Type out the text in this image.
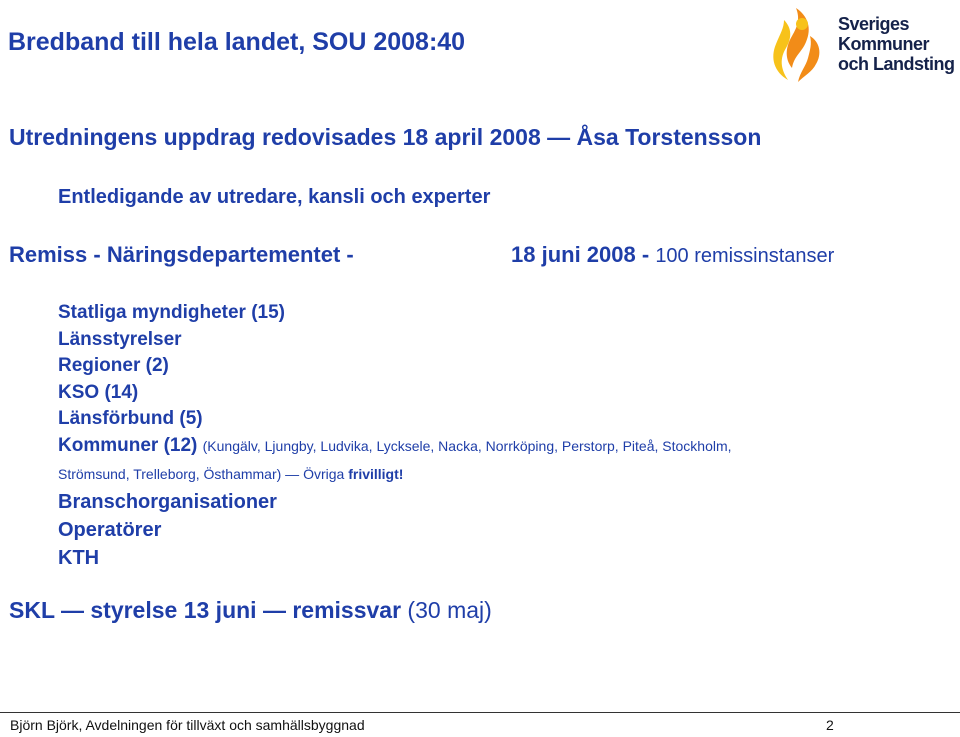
Bredband till hela landet, SOU 2008:40
Sveriges
Kommuner
och Landsting
Utredningens uppdrag redovisades 18 april 2008 — Åsa Torstensson
Entledigande av utredare, kansli och experter
Remiss - Näringsdepartementet -	18 juni 2008 - 100 remissinstanser
Statliga myndigheter (15)
Länsstyrelser
Regioner (2)
KSO (14)
Länsförbund (5)
Kommuner (12) (Kungälv, Ljungby, Ludvika, Lycksele, Nacka, Norrköping, Perstorp, Piteå, Stockholm,
Strömsund, Trelleborg, Östhammar) — Övriga frivilligt!
Branschorganisationer
Operatörer
KTH
SKL — styrelse 13 juni — remissvar (30 maj)
Björn Björk, Avdelningen för tillväxt och samhällsbyggnad	2
